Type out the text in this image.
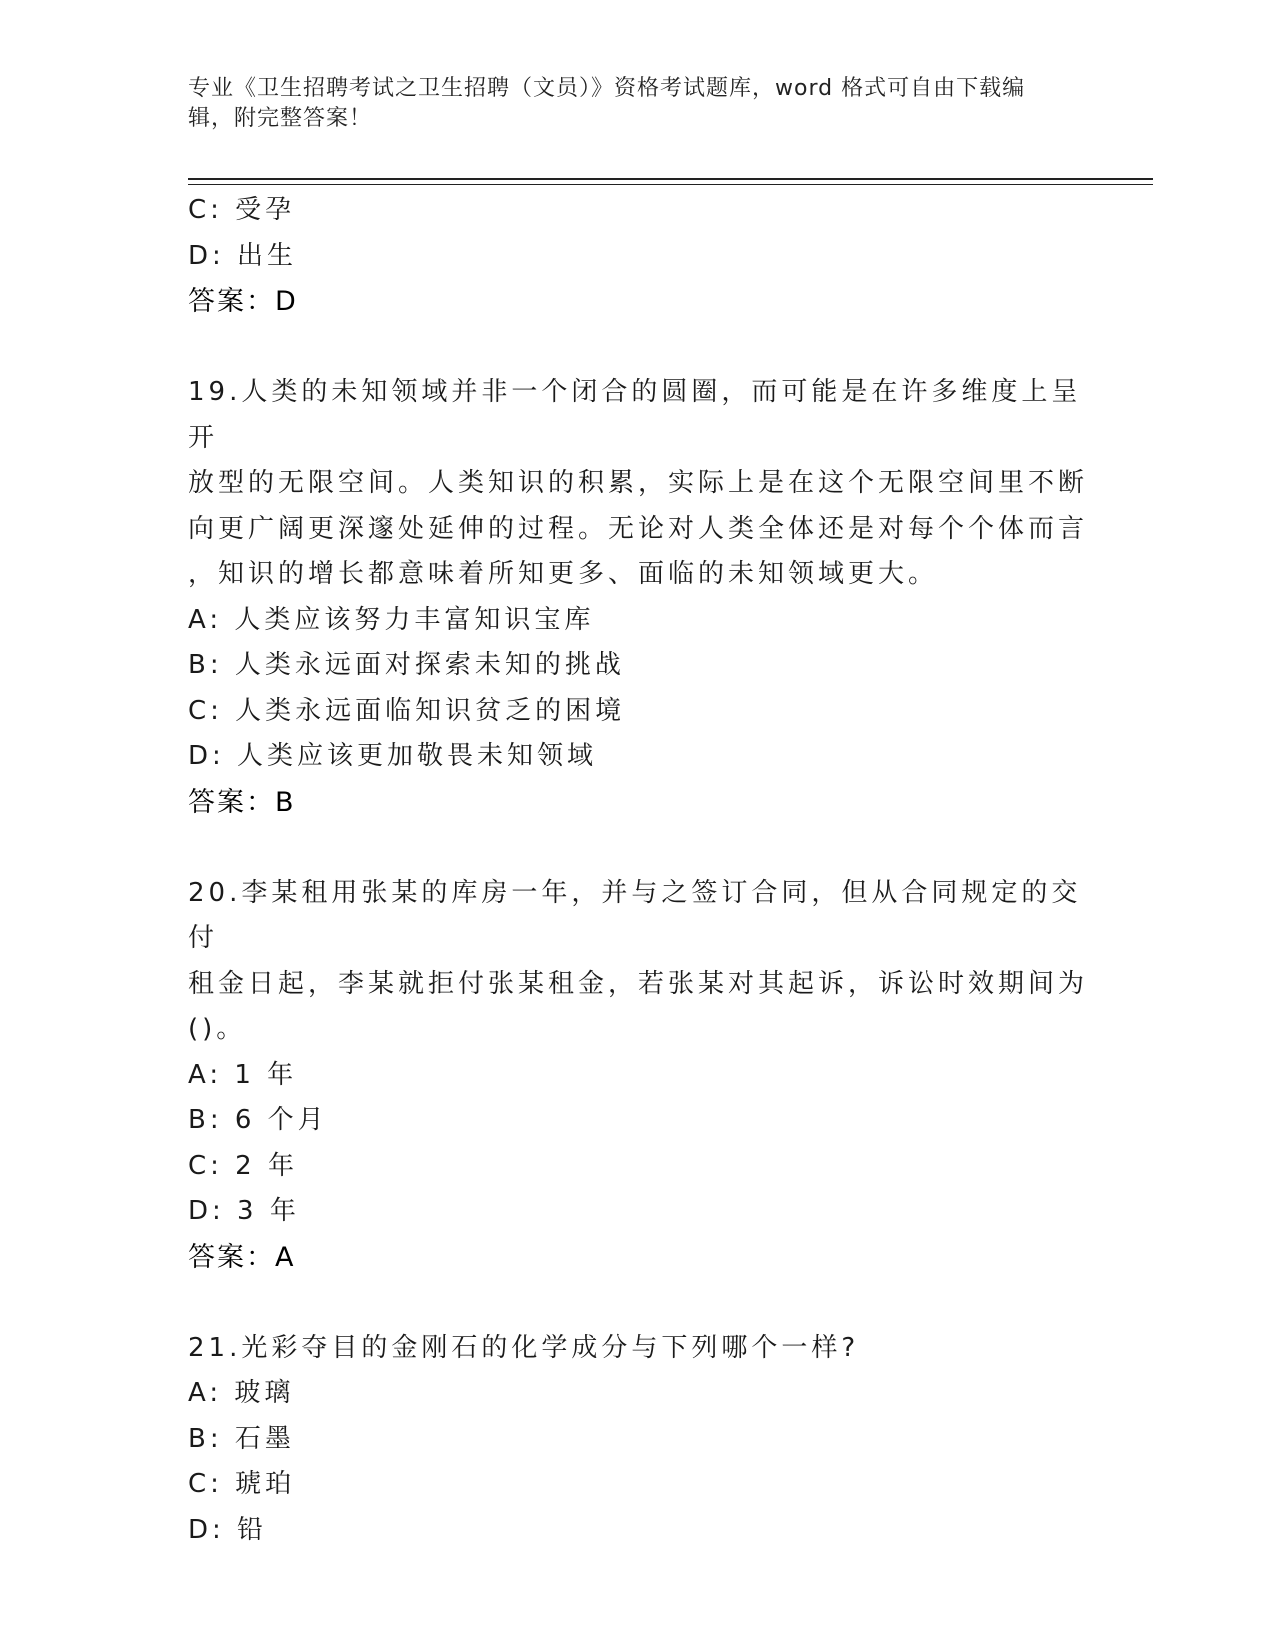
专业《卫生招聘考试之卫生招聘（文员）》资格考试题库，word 格式可自由下载编辑，附完整答案！
C: 受孕
D: 出生
答案：D
19.人类的未知领域并非一个闭合的圆圈，而可能是在许多维度上呈开
放型的无限空间。人类知识的积累，实际上是在这个无限空间里不断
向更广阔更深邃处延伸的过程。无论对人类全体还是对每个个体而言
，知识的增长都意味着所知更多、面临的未知领域更大。
A: 人类应该努力丰富知识宝库
B: 人类永远面对探索未知的挑战
C: 人类永远面临知识贫乏的困境
D: 人类应该更加敬畏未知领域
答案：B
20.李某租用张某的库房一年，并与之签订合同，但从合同规定的交付
租金日起，李某就拒付张某租金，若张某对其起诉，诉讼时效期间为
()。
A: 1 年
B: 6 个月
C: 2 年
D: 3 年
答案：A
21.光彩夺目的金刚石的化学成分与下列哪个一样?
A: 玻璃
B: 石墨
C: 琥珀
D: 铅
